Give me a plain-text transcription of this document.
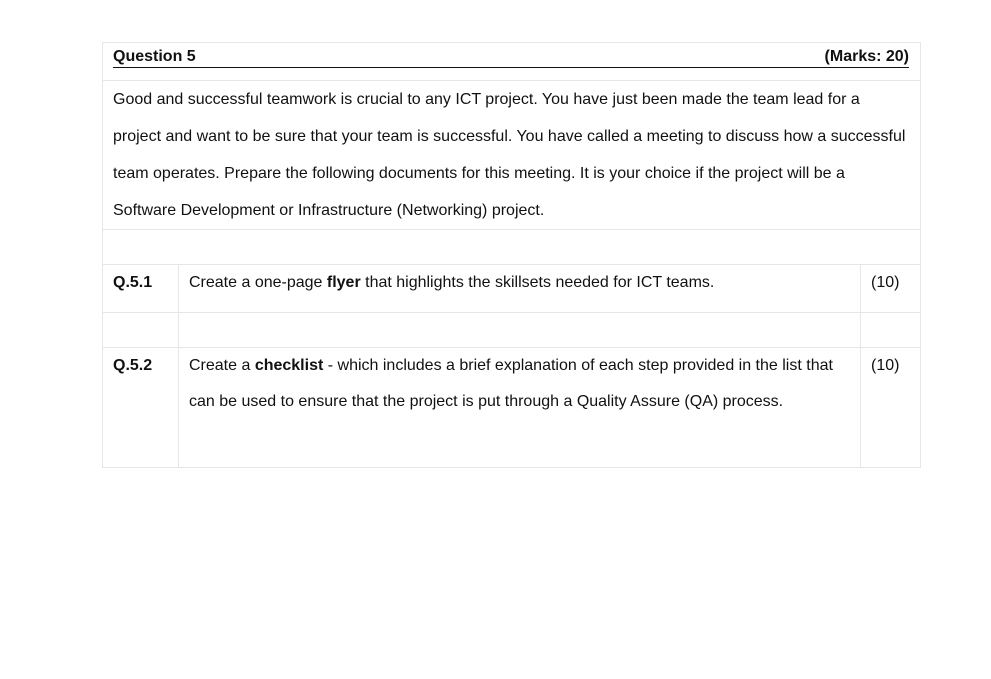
Question 5 (Marks: 20)		

Good and successful teamwork is crucial to any ICT project. You have just been made the team lead for a project and want to be sure that your team is successful. You have called a meeting to discuss how a successful team operates. Prepare the following documents for this meeting. It is your choice if the project will be a Software Development or Infrastructure (Networking) project.		

Q.5.1	Create a one-page flyer that highlights the skillsets needed for ICT teams.	(10)

Q.5.2	Create a checklist - which includes a brief explanation of each step provided in the list that can be used to ensure that the project is put through a Quality Assure (QA) process.	(10)
